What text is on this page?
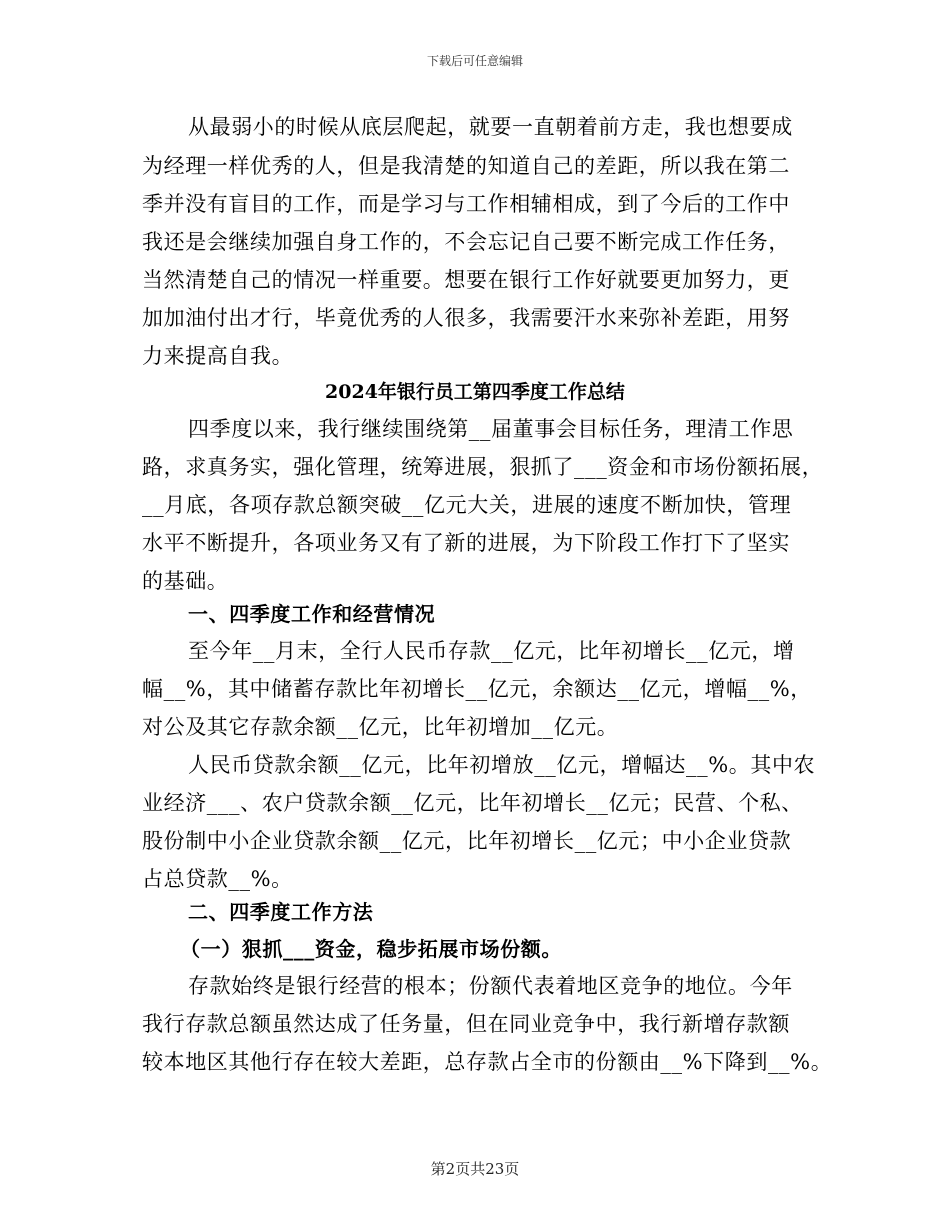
下载后可任意编辑
从最弱小的时候从底层爬起，就要一直朝着前方走，我也想要成
为经理一样优秀的人，但是我清楚的知道自己的差距，所以我在第二
季并没有盲目的工作，而是学习与工作相辅相成，到了今后的工作中
我还是会继续加强自身工作的，不会忘记自己要不断完成工作任务，
当然清楚自己的情况一样重要。想要在银行工作好就要更加努力，更
加加油付出才行，毕竟优秀的人很多，我需要汗水来弥补差距，用努
力来提高自我。
2024年银行员工第四季度工作总结
四季度以来，我行继续围绕第__届董事会目标任务，理清工作思
路，求真务实，强化管理，统筹进展，狠抓了___资金和市场份额拓展，
__月底，各项存款总额突破__亿元大关，进展的速度不断加快，管理
水平不断提升，各项业务又有了新的进展，为下阶段工作打下了坚实
的基础。
一、四季度工作和经营情况
至今年__月末，全行人民币存款__亿元，比年初增长__亿元，增
幅__%，其中储蓄存款比年初增长__亿元，余额达__亿元，增幅__%，
对公及其它存款余额__亿元，比年初增加__亿元。
人民币贷款余额__亿元，比年初增放__亿元，增幅达__%。其中农
业经济___、农户贷款余额__亿元，比年初增长__亿元；民营、个私、
股份制中小企业贷款余额__亿元，比年初增长__亿元；中小企业贷款
占总贷款__%。
二、四季度工作方法
（一）狠抓___资金，稳步拓展市场份额。
存款始终是银行经营的根本；份额代表着地区竞争的地位。今年
我行存款总额虽然达成了任务量，但在同业竞争中，我行新增存款额
较本地区其他行存在较大差距，总存款占全市的份额由__%下降到__%。
第2页共23页
